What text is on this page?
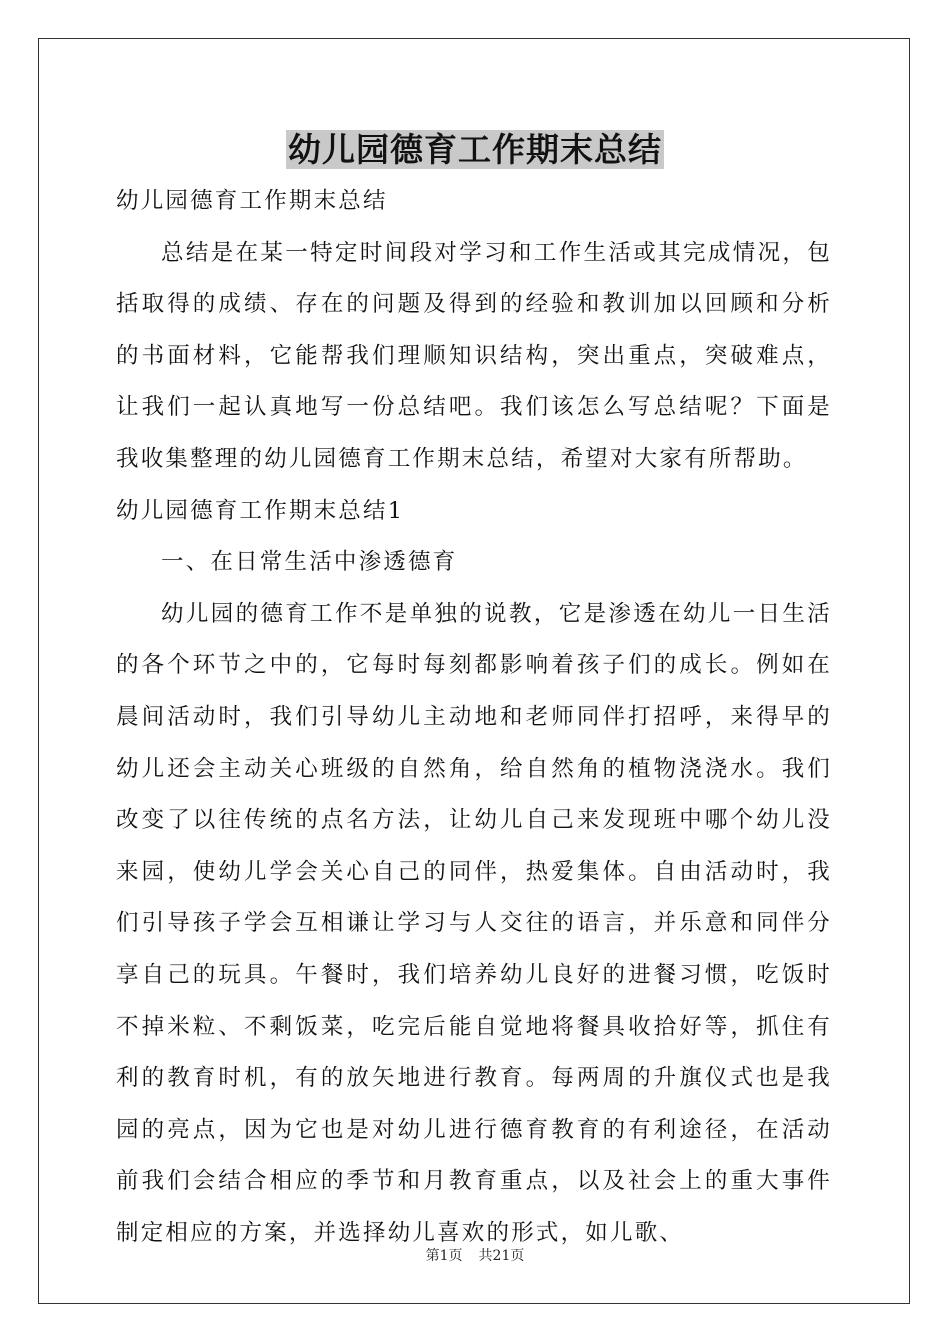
幼儿园德育工作期末总结

幼儿园德育工作期末总结

总结是在某一特定时间段对学习和工作生活或其完成情况，包括取得的成绩、存在的问题及得到的经验和教训加以回顾和分析的书面材料，它能帮我们理顺知识结构，突出重点，突破难点，让我们一起认真地写一份总结吧。我们该怎么写总结呢？下面是我收集整理的幼儿园德育工作期末总结，希望对大家有所帮助。

幼儿园德育工作期末总结1

一、在日常生活中渗透德育

幼儿园的德育工作不是单独的说教，它是渗透在幼儿一日生活的各个环节之中的，它每时每刻都影响着孩子们的成长。例如在晨间活动时，我们引导幼儿主动地和老师同伴打招呼，来得早的幼儿还会主动关心班级的自然角，给自然角的植物浇浇水。我们改变了以往传统的点名方法，让幼儿自己来发现班中哪个幼儿没来园，使幼儿学会关心自己的同伴，热爱集体。自由活动时，我们引导孩子学会互相谦让学习与人交往的语言，并乐意和同伴分享自己的玩具。午餐时，我们培养幼儿良好的进餐习惯，吃饭时不掉米粒、不剩饭菜，吃完后能自觉地将餐具收拾好等，抓住有利的教育时机，有的放矢地进行教育。每两周的升旗仪式也是我园的亮点，因为它也是对幼儿进行德育教育的有利途径，在活动前我们会结合相应的季节和月教育重点，以及社会上的重大事件制定相应的方案，并选择幼儿喜欢的形式，如儿歌、

第1页 共21页
